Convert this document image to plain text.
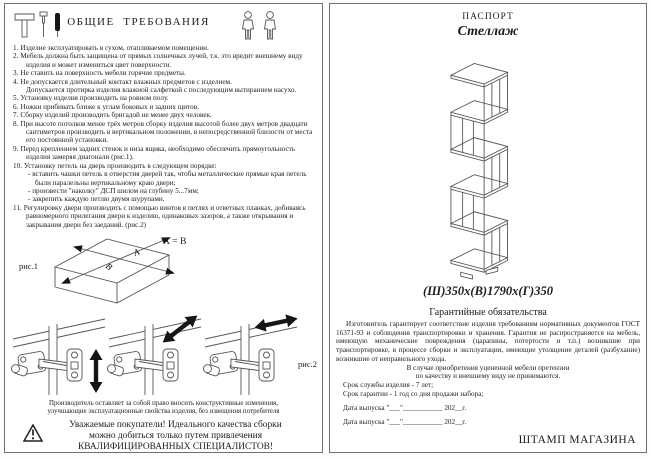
ОБЩИЕ  ТРЕБОВАНИЯ
1. Изделие эксплуатировать в сухом, отапливаемом помещении.
2. Мебель должна быть защищена от прямых солнечных лучей, т.к. это вредит внешнему виду изделия и может измениться цвет поверхности.
3. Не ставить на поверхность мебели горячие предметы.
4. Не допускается длительный контакт влажных предметов с изделием.
Допускается протирка изделия влажной салфеткой с последующим вытиранием насухо.
5. Установку изделия производить на ровном полу.
6. Ножки прибивать ближе к углам боковых и задних щитов.
7. Сборку изделий производить бригадой не менее двух человек.
8. При высоте потолков менее трёх метров сборку изделия высотой более двух метров двадцати сантиметров производить в вертикальном положении, в непосредственной близости от места его постоянной установки.
9. Перед креплением задних стенок и низа ящика, необходимо обеспечить прямоугольность изделия замеряя диагонали (рис.1).
10. Установку петель на дверь производить в следующем порядке:
- вставить чашки петель в отверстия дверей так, чтобы металлические прямые края петель были паралельны вертикальному краю двери;
- произвести "наколку" ДСП шилом на глубину 5...7мм;
- закрепить каждую петлю двумя шурупами.
11. Регулировку двери производить с помощью винтов в петлях и ответных планках, добиваясь равномерного прилегания двери к изделию, одинаковых зазоров, а также открывания и закрывания двери без заеданий. (рис.2)
рис.1
А
В
А = В
рис.2
Производитель оставляет за собой право вносить конструктивные изменения,
улучшающие эксплуатационные свойства изделия, без извещения потребителя
Уважаемые покупатели! Идеального качества сборки
можно добиться только путем привлечения
КВАЛИФИЦИРОВАННЫХ СПЕЦИАЛИСТОВ!
ПАСПОРТ
Стеллаж
(Ш)350х(В)1790х(Г)350
Гарантийные обязательства
Изготовитель гарантирует соответствие изделия требованиям нормативных документов ГОСТ 16371-93 и соблюдения транспортировки и хранения. Гарантия не распространяется на мебель, имеющую механические повреждения (царапины, потертости и т.п.) возникшие при транспортировке, в процессе сборки и эксплуатации, имеющие утолщение деталей (разбухание) возникшие от неправильного ухода.
В случае приобретения уцененной мебели претензии
по качеству и внешнему виду не принимаются.
Срок службы изделия - 7 лет;
Срок гарантии - 1 год со дня продажи набора;
Дата выпуска "___"___________ 202__г.
Дата выпуска "___"___________ 202__г.
ШТАМП МАГАЗИНА
